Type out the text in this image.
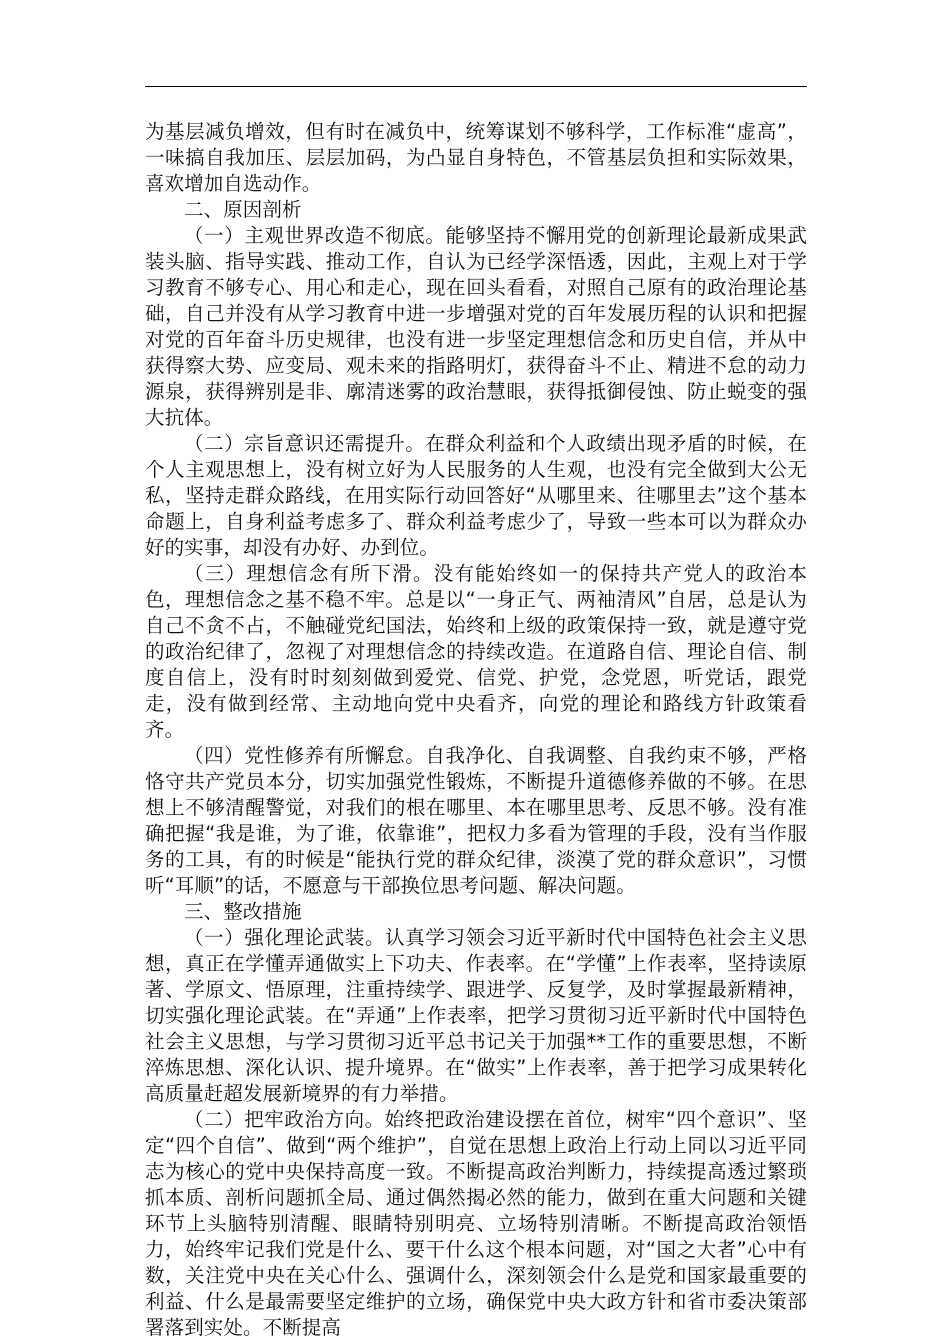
为基层减负增效，但有时在减负中，统筹谋划不够科学，工作标准“虚高”，一味搞自我加压、层层加码，为凸显自身特色，不管基层负担和实际效果，喜欢增加自选动作。

二、原因剖析

（一）主观世界改造不彻底。能够坚持不懈用党的创新理论最新成果武装头脑、指导实践、推动工作，自认为已经学深悟透，因此，主观上对于学习教育不够专心、用心和走心，现在回头看看，对照自己原有的政治理论基础，自己并没有从学习教育中进一步增强对党的百年发展历程的认识和把握对党的百年奋斗历史规律，也没有进一步坚定理想信念和历史自信，并从中获得察大势、应变局、观未来的指路明灯，获得奋斗不止、精进不怠的动力源泉，获得辨别是非、廓清迷雾的政治慧眼，获得抵御侵蚀、防止蜕变的强大抗体。

（二）宗旨意识还需提升。在群众利益和个人政绩出现矛盾的时候，在个人主观思想上，没有树立好为人民服务的人生观，也没有完全做到大公无私，坚持走群众路线，在用实际行动回答好“从哪里来、往哪里去”这个基本命题上，自身利益考虑多了、群众利益考虑少了，导致一些本可以为群众办好的实事，却没有办好、办到位。

（三）理想信念有所下滑。没有能始终如一的保持共产党人的政治本色，理想信念之基不稳不牢。总是以“一身正气、两袖清风”自居，总是认为自己不贪不占，不触碰党纪国法，始终和上级的政策保持一致，就是遵守党的政治纪律了，忽视了对理想信念的持续改造。在道路自信、理论自信、制度自信上，没有时时刻刻做到爱党、信党、护党，念党恩，听党话，跟党走，没有做到经常、主动地向党中央看齐，向党的理论和路线方针政策看齐。

（四）党性修养有所懈怠。自我净化、自我调整、自我约束不够，严格恪守共产党员本分，切实加强党性锻炼，不断提升道德修养做的不够。在思想上不够清醒警觉，对我们的根在哪里、本在哪里思考、反思不够。没有准确把握“我是谁，为了谁，依靠谁”，把权力多看为管理的手段，没有当作服务的工具，有的时候是“能执行党的群众纪律，淡漠了党的群众意识”，习惯听“耳顺”的话，不愿意与干部换位思考问题、解决问题。

三、整改措施

（一）强化理论武装。认真学习领会习近平新时代中国特色社会主义思想，真正在学懂弄通做实上下功夫、作表率。在“学懂”上作表率，坚持读原著、学原文、悟原理，注重持续学、跟进学、反复学，及时掌握最新精神，切实强化理论武装。在“弄通”上作表率，把学习贯彻习近平新时代中国特色社会主义思想，与学习贯彻习近平总书记关于加强**工作的重要思想，不断淬炼思想、深化认识、提升境界。在“做实”上作表率，善于把学习成果转化高质量赶超发展新境界的有力举措。

（二）把牢政治方向。始终把政治建设摆在首位，树牢“四个意识”、坚定“四个自信”、做到“两个维护”，自觉在思想上政治上行动上同以习近平同志为核心的党中央保持高度一致。不断提高政治判断力，持续提高透过繁琐抓本质、剖析问题抓全局、通过偶然揭必然的能力，做到在重大问题和关键环节上头脑特别清醒、眼睛特别明亮、立场特别清晰。不断提高政治领悟力，始终牢记我们党是什么、要干什么这个根本问题，对“国之大者”心中有数，关注党中央在关心什么、强调什么，深刻领会什么是党和国家最重要的利益、什么是最需要坚定维护的立场，确保党中央大政方针和省市委决策部署落到实处。不断提高
